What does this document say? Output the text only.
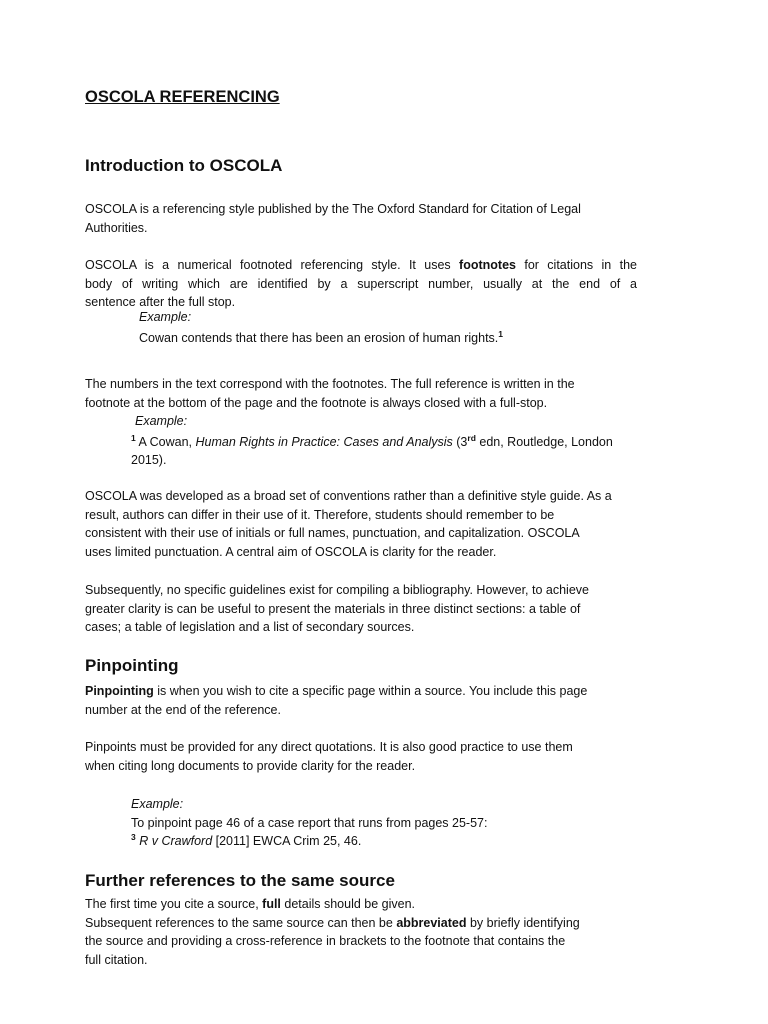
OSCOLA REFERENCING
Introduction to OSCOLA
OSCOLA is a referencing style published by the The Oxford Standard for Citation of Legal
Authorities.
OSCOLA is a numerical footnoted referencing style. It uses footnotes for citations in the
body of writing which are identified by a superscript number, usually at the end of a
sentence after the full stop.
Example:
Cowan contends that there has been an erosion of human rights.$^1$
The numbers in the text correspond with the footnotes. The full reference is written in the
footnote at the bottom of the page and the footnote is always closed with a full-stop.
Example:
$^1$ A Cowan, Human Rights in Practice: Cases and Analysis (3rd edn, Routledge, London
2015).
OSCOLA was developed as a broad set of conventions rather than a definitive style guide. As a
result, authors can differ in their use of it. Therefore, students should remember to be
consistent with their use of initials or full names, punctuation, and capitalization. OSCOLA
uses limited punctuation. A central aim of OSCOLA is clarity for the reader.
Subsequently, no specific guidelines exist for compiling a bibliography. However, to achieve
greater clarity is can be useful to present the materials in three distinct sections: a table of
cases; a table of legislation and a list of secondary sources.
Pinpointing
Pinpointing is when you wish to cite a specific page within a source. You include this page
number at the end of the reference.
Pinpoints must be provided for any direct quotations. It is also good practice to use them
when citing long documents to provide clarity for the reader.
Example:
To pinpoint page 46 of a case report that runs from pages 25-57:
$^3$ R v Crawford [2011] EWCA Crim 25, 46.
Further references to the same source
The first time you cite a source, full details should be given.
Subsequent references to the same source can then be abbreviated by briefly identifying
the source and providing a cross-reference in brackets to the footnote that contains the
full citation.
